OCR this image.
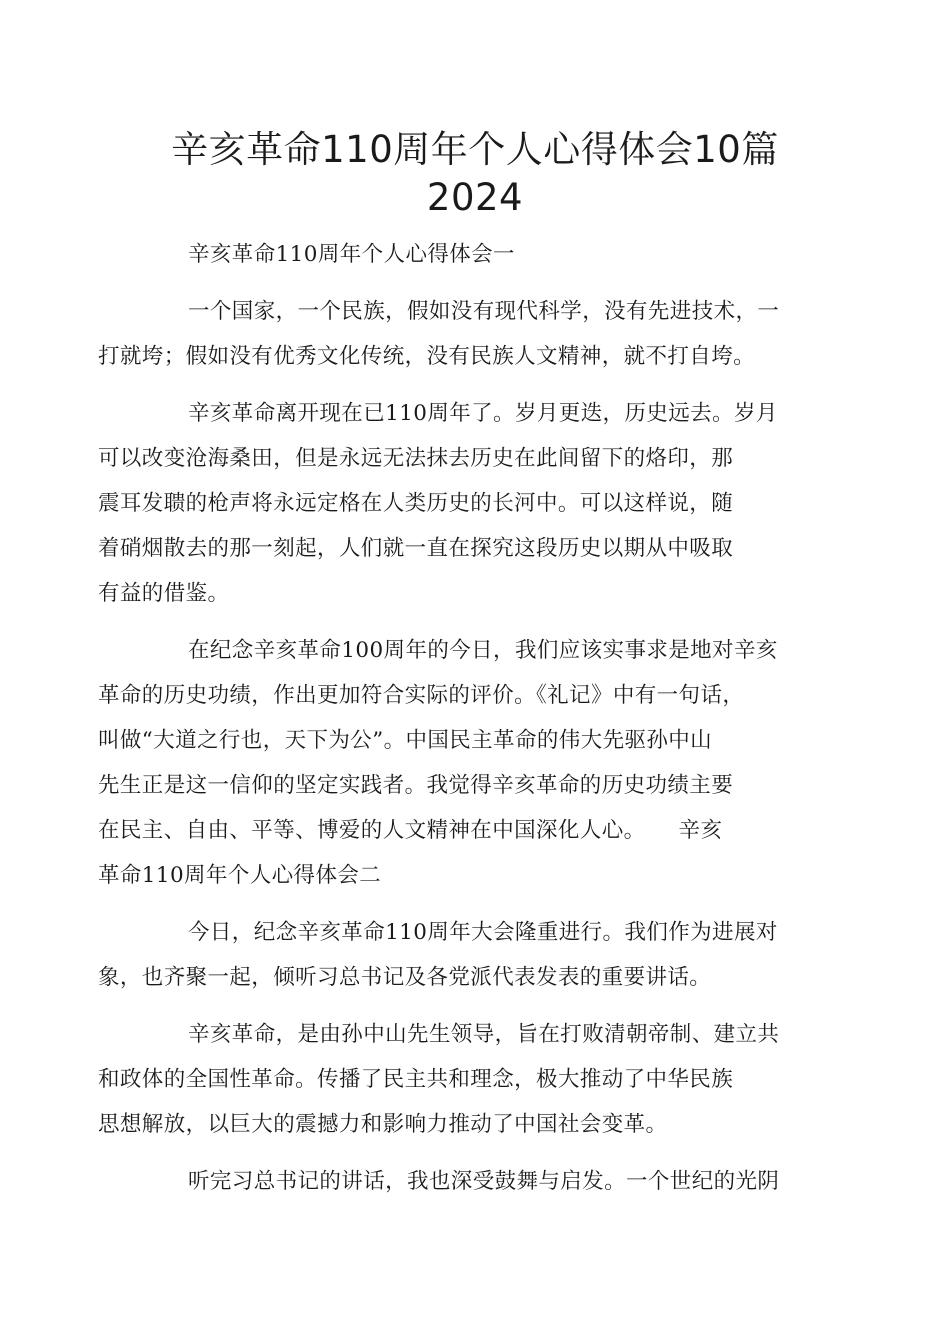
辛亥革命110周年个人心得体会10篇
2024

辛亥革命110周年个人心得体会一

一个国家，一个民族，假如没有现代科学，没有先进技术，一
打就垮；假如没有优秀文化传统，没有民族人文精神，就不打自垮。

辛亥革命离开现在已110周年了。岁月更迭，历史远去。岁月
可以改变沧海桑田，但是永远无法抹去历史在此间留下的烙印，那
震耳发聩的枪声将永远定格在人类历史的长河中。可以这样说，随
着硝烟散去的那一刻起，人们就一直在探究这段历史以期从中吸取
有益的借鉴。

在纪念辛亥革命100周年的今日，我们应该实事求是地对辛亥
革命的历史功绩，作出更加符合实际的评价。《礼记》中有一句话，
叫做“大道之行也，天下为公”。中国民主革命的伟大先驱孙中山
先生正是这一信仰的坚定实践者。我觉得辛亥革命的历史功绩主要
在民主、自由、平等、博爱的人文精神在中国深化人心。　　辛亥
革命110周年个人心得体会二

今日，纪念辛亥革命110周年大会隆重进行。我们作为进展对
象，也齐聚一起，倾听习总书记及各党派代表发表的重要讲话。

辛亥革命，是由孙中山先生领导，旨在打败清朝帝制、建立共
和政体的全国性革命。传播了民主共和理念，极大推动了中华民族
思想解放，以巨大的震撼力和影响力推动了中国社会变革。

听完习总书记的讲话，我也深受鼓舞与启发。一个世纪的光阴
